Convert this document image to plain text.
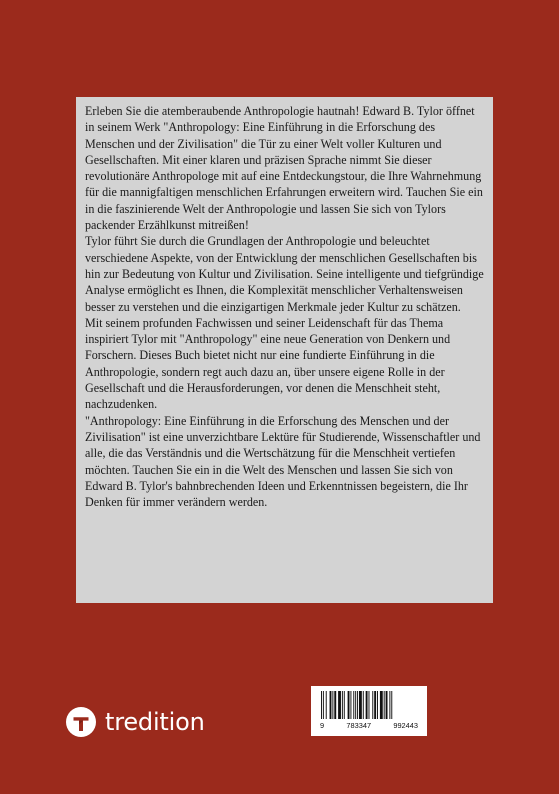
Erleben Sie die atemberaubende Anthropologie hautnah! Edward B. Tylor öffnet in seinem Werk "Anthropology: Eine Einführung in die Erforschung des Menschen und der Zivilisation" die Tür zu einer Welt voller Kulturen und Gesellschaften. Mit einer klaren und präzisen Sprache nimmt Sie dieser revolutionäre Anthropologe mit auf eine Entdeckungstour, die Ihre Wahrnehmung für die mannigfaltigen menschlichen Erfahrungen erweitern wird. Tauchen Sie ein in die faszinierende Welt der Anthropologie und lassen Sie sich von Tylors packender Erzählkunst mitreißen!

Tylor führt Sie durch die Grundlagen der Anthropologie und beleuchtet verschiedene Aspekte, von der Entwicklung der menschlichen Gesellschaften bis hin zur Bedeutung von Kultur und Zivilisation. Seine intelligente und tiefgründige Analyse ermöglicht es Ihnen, die Komplexität menschlicher Verhaltensweisen besser zu verstehen und die einzigartigen Merkmale jeder Kultur zu schätzen.

Mit seinem profunden Fachwissen und seiner Leidenschaft für das Thema inspiriert Tylor mit "Anthropology" eine neue Generation von Denkern und Forschern. Dieses Buch bietet nicht nur eine fundierte Einführung in die Anthropologie, sondern regt auch dazu an, über unsere eigene Rolle in der Gesellschaft und die Herausforderungen, vor denen die Menschheit steht, nachzudenken.

"Anthropology: Eine Einführung in die Erforschung des Menschen und der Zivilisation" ist eine unverzichtbare Lektüre für Studierende, Wissenschaftler und alle, die das Verständnis und die Wertschätzung für die Menschheit vertiefen möchten. Tauchen Sie ein in die Welt des Menschen und lassen Sie sich von Edward B. Tylor's bahnbrechenden Ideen und Erkenntnissen begeistern, die Ihr Denken für immer verändern werden.

tredition	9	783347	992443
